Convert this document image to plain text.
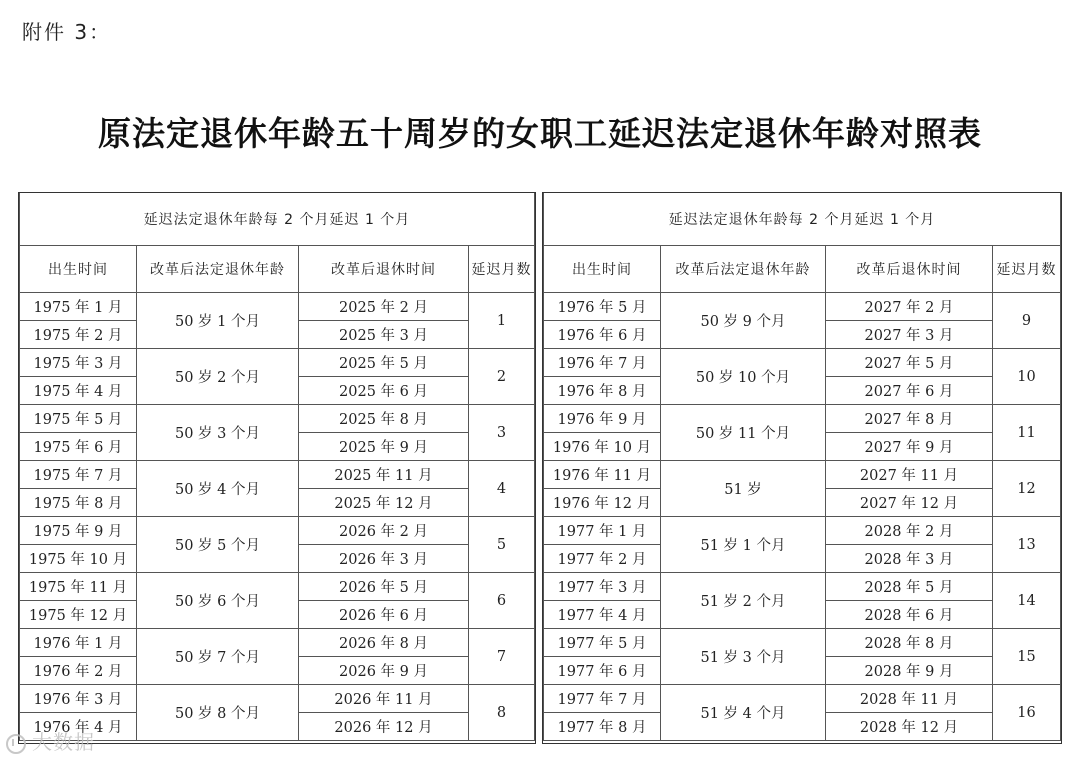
附件 3：
原法定退休年龄五十周岁的女职工延迟法定退休年龄对照表
延迟法定退休年龄每 2 个月延迟 1 个月			
出生时间	改革后法定退休年龄	改革后退休时间	延迟月数
1975 年 1 月	50 岁 1 个月	2025 年 2 月	1
1975 年 2 月		2025 年 3 月	
1975 年 3 月	50 岁 2 个月	2025 年 5 月	2
1975 年 4 月		2025 年 6 月	
1975 年 5 月	50 岁 3 个月	2025 年 8 月	3
1975 年 6 月		2025 年 9 月	
1975 年 7 月	50 岁 4 个月	2025 年 11 月	4
1975 年 8 月		2025 年 12 月	
1975 年 9 月	50 岁 5 个月	2026 年 2 月	5
1975 年 10 月		2026 年 3 月	
1975 年 11 月	50 岁 6 个月	2026 年 5 月	6
1975 年 12 月		2026 年 6 月	
1976 年 1 月	50 岁 7 个月	2026 年 8 月	7
1976 年 2 月		2026 年 9 月	
1976 年 3 月	50 岁 8 个月	2026 年 11 月	8
1976 年 4 月		2026 年 12 月	
延迟法定退休年龄每 2 个月延迟 1 个月			
出生时间	改革后法定退休年龄	改革后退休时间	延迟月数
1976 年 5 月	50 岁 9 个月	2027 年 2 月	9
1976 年 6 月		2027 年 3 月	
1976 年 7 月	50 岁 10 个月	2027 年 5 月	10
1976 年 8 月		2027 年 6 月	
1976 年 9 月	50 岁 11 个月	2027 年 8 月	11
1976 年 10 月		2027 年 9 月	
1976 年 11 月	51 岁	2027 年 11 月	12
1976 年 12 月		2027 年 12 月	
1977 年 1 月	51 岁 1 个月	2028 年 2 月	13
1977 年 2 月		2028 年 3 月	
1977 年 3 月	51 岁 2 个月	2028 年 5 月	14
1977 年 4 月		2028 年 6 月	
1977 年 5 月	51 岁 3 个月	2028 年 8 月	15
1977 年 6 月		2028 年 9 月	
1977 年 7 月	51 岁 4 个月	2028 年 11 月	16
1977 年 8 月		2028 年 12 月	
大数据
